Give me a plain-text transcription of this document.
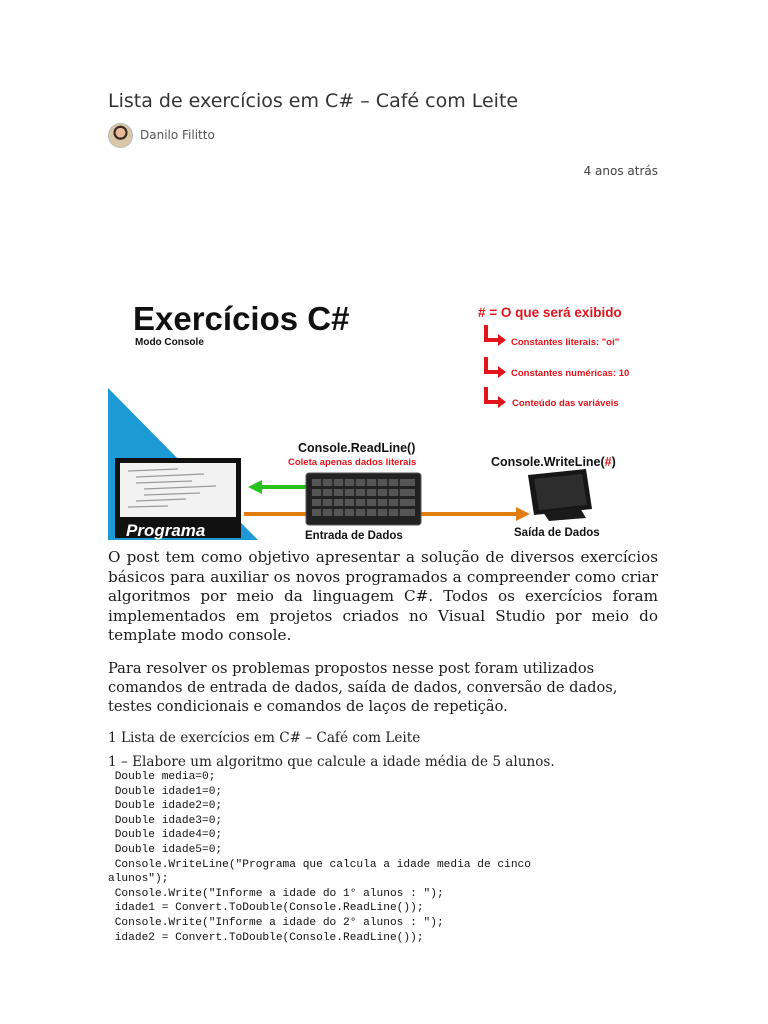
Lista de exercícios em C# – Café com Leite
Danilo Filitto
4 anos atrás
Exercícios C#
Modo Console
# = O que será exibido
Constantes literais: "oi"
Constantes numéricas: 10
Conteúdo das variáveis
Console.ReadLine()
Coleta apenas dados literais	Console.WriteLine(#)
Programa	Entrada de Dados	Saída de Dados

O post tem como objetivo apresentar a solução de diversos exercícios básicos para auxiliar os novos programados a compreender como criar algoritmos por meio da linguagem C#. Todos os exercícios foram implementados em projetos criados no Visual Studio por meio do template modo console.

Para resolver os problemas propostos nesse post foram utilizados comandos de entrada de dados, saída de dados, conversão de dados, testes condicionais e comandos de laços de repetição.

1 Lista de exercícios em C# – Café com Leite

1 – Elabore um algoritmo que calcule a idade média de 5 alunos.

Double media=0;
Double idade1=0;
Double idade2=0;
Double idade3=0;
Double idade4=0;
Double idade5=0;
Console.WriteLine("Programa que calcula a idade media de cinco
alunos");
Console.Write("Informe a idade do 1° alunos : ");
idade1 = Convert.ToDouble(Console.ReadLine());
Console.Write("Informe a idade do 2° alunos : ");
idade2 = Convert.ToDouble(Console.ReadLine());
